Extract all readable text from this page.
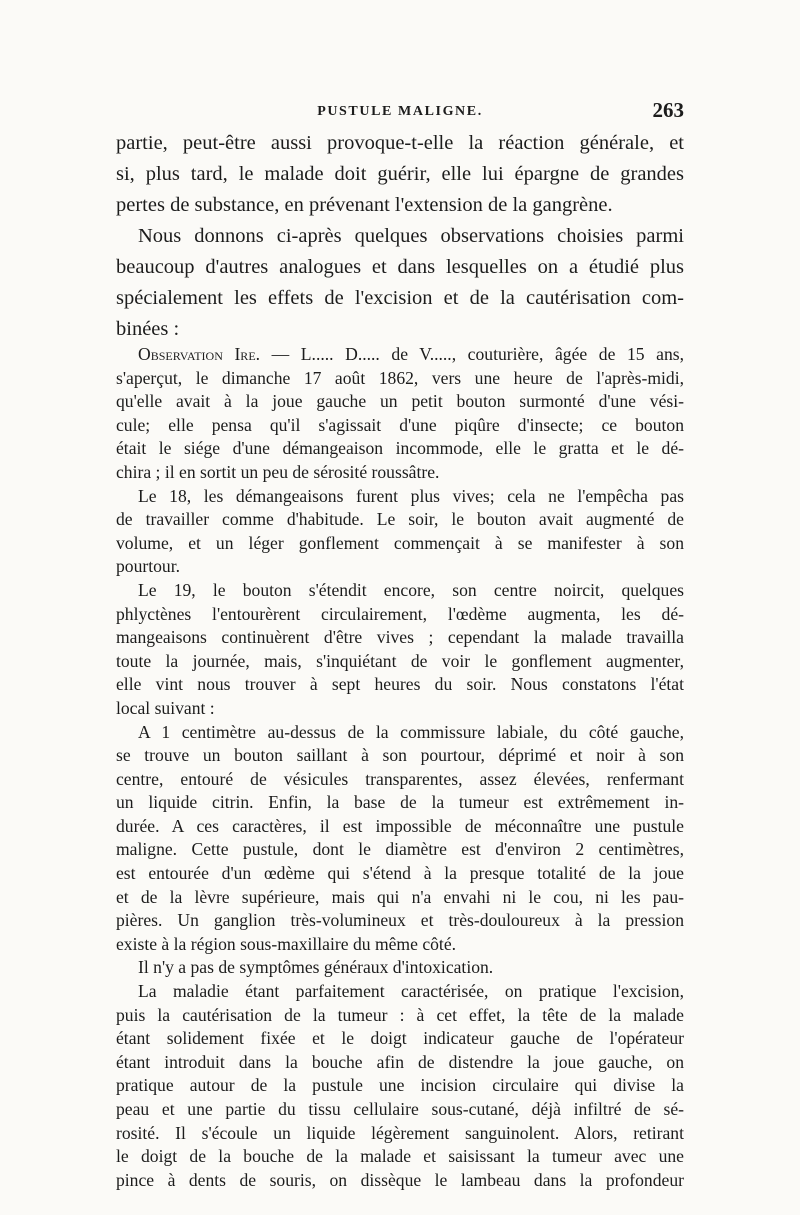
PUSTULE MALIGNE.	263
partie, peut-être aussi provoque-t-elle la réaction générale, et
si, plus tard, le malade doit guérir, elle lui épargne de grandes
pertes de substance, en prévenant l'extension de la gangrène.
Nous donnons ci-après quelques observations choisies parmi
beaucoup d'autres analogues et dans lesquelles on a étudié plus
spécialement les effets de l'excision et de la cautérisation com-
binées :
Observation Ire. — L..... D..... de V....., couturière, âgée de 15 ans,
s'aperçut, le dimanche 17 août 1862, vers une heure de l'après-midi,
qu'elle avait à la joue gauche un petit bouton surmonté d'une vési-
cule; elle pensa qu'il s'agissait d'une piqûre d'insecte; ce bouton
était le siége d'une démangeaison incommode, elle le gratta et le dé-
chira ; il en sortit un peu de sérosité roussâtre.
Le 18, les démangeaisons furent plus vives; cela ne l'empêcha pas
de travailler comme d'habitude. Le soir, le bouton avait augmenté de
volume, et un léger gonflement commençait à se manifester à son
pourtour.
Le 19, le bouton s'étendit encore, son centre noircit, quelques
phlyctènes l'entourèrent circulairement, l'œdème augmenta, les dé-
mangeaisons continuèrent d'être vives ; cependant la malade travailla
toute la journée, mais, s'inquiétant de voir le gonflement augmenter,
elle vint nous trouver à sept heures du soir. Nous constatons l'état
local suivant :
A 1 centimètre au-dessus de la commissure labiale, du côté gauche,
se trouve un bouton saillant à son pourtour, déprimé et noir à son
centre, entouré de vésicules transparentes, assez élevées, renfermant
un liquide citrin. Enfin, la base de la tumeur est extrêmement in-
durée. A ces caractères, il est impossible de méconnaître une pustule
maligne. Cette pustule, dont le diamètre est d'environ 2 centimètres,
est entourée d'un œdème qui s'étend à la presque totalité de la joue
et de la lèvre supérieure, mais qui n'a envahi ni le cou, ni les pau-
pières. Un ganglion très-volumineux et très-douloureux à la pression
existe à la région sous-maxillaire du même côté.
Il n'y a pas de symptômes généraux d'intoxication.
La maladie étant parfaitement caractérisée, on pratique l'excision,
puis la cautérisation de la tumeur : à cet effet, la tête de la malade
étant solidement fixée et le doigt indicateur gauche de l'opérateur
étant introduit dans la bouche afin de distendre la joue gauche, on
pratique autour de la pustule une incision circulaire qui divise la
peau et une partie du tissu cellulaire sous-cutané, déjà infiltré de sé-
rosité. Il s'écoule un liquide légèrement sanguinolent. Alors, retirant
le doigt de la bouche de la malade et saisissant la tumeur avec une
pince à dents de souris, on dissèque le lambeau dans la profondeur
